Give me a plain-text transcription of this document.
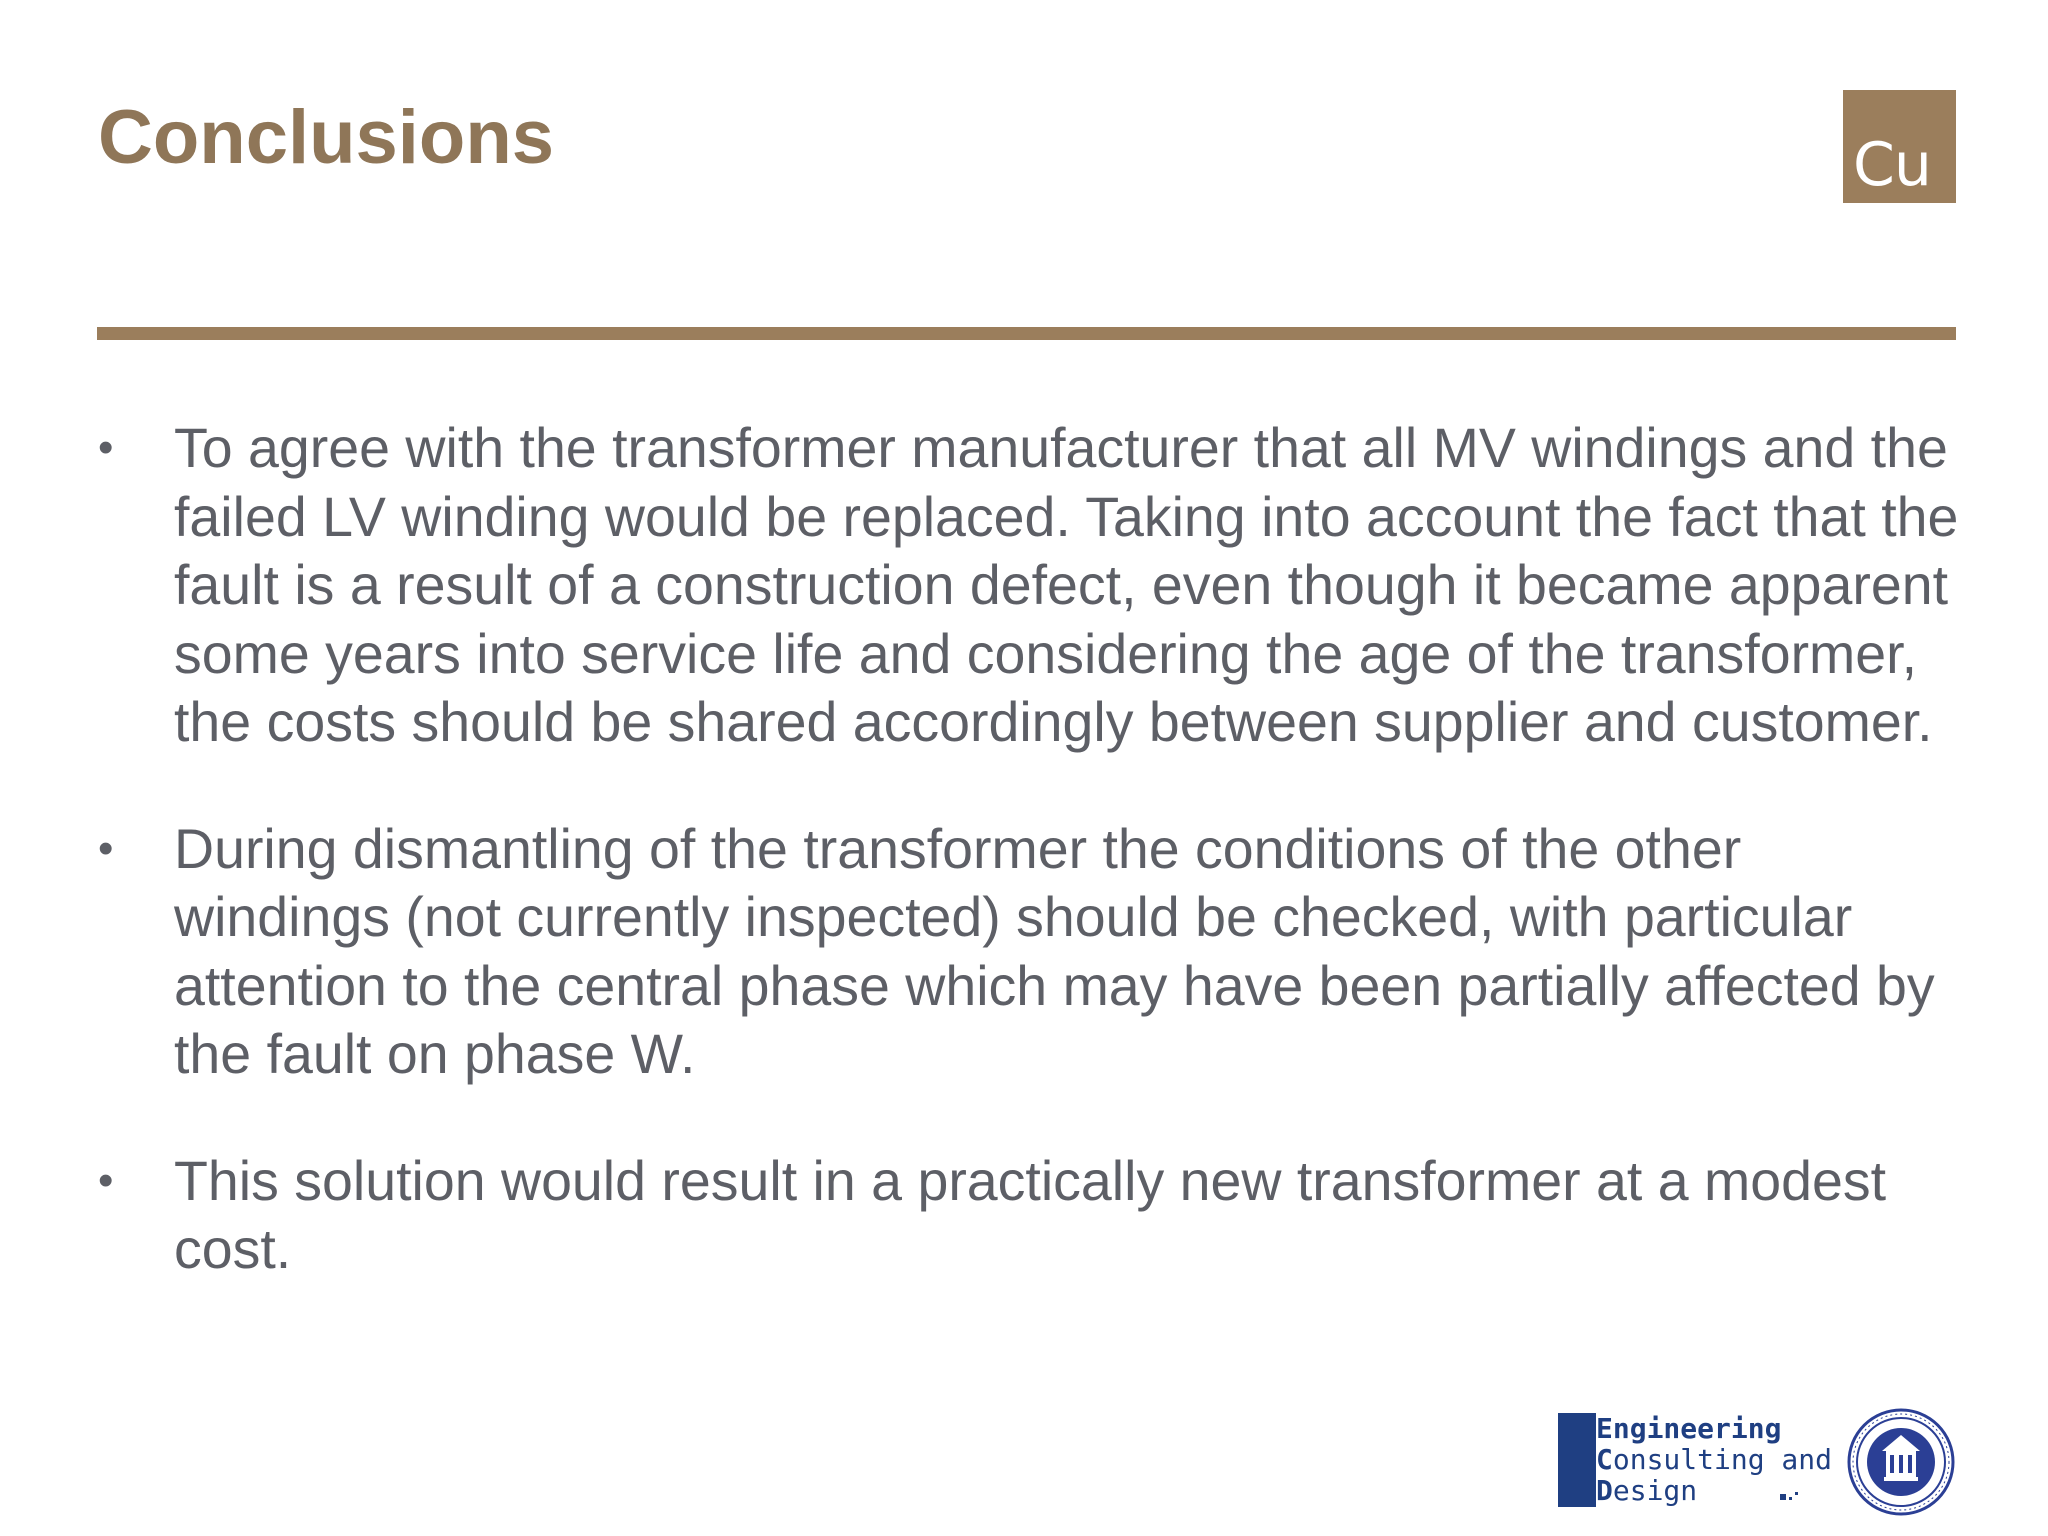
Conclusions	Cu
• To agree with the transformer manufacturer that all MV windings and the failed LV winding would be replaced. Taking into account the fact that the fault is a result of a construction defect, even though it became apparent some years into service life and considering the age of the transformer, the costs should be shared accordingly between supplier and customer.
• During dismantling of the transformer the conditions of the other windings (not currently inspected) should be checked, with particular attention to the central phase which may have been partially affected by the fault on phase W.
• This solution would result in a practically new transformer at a modest cost.
Engineering
Consulting and
Design
